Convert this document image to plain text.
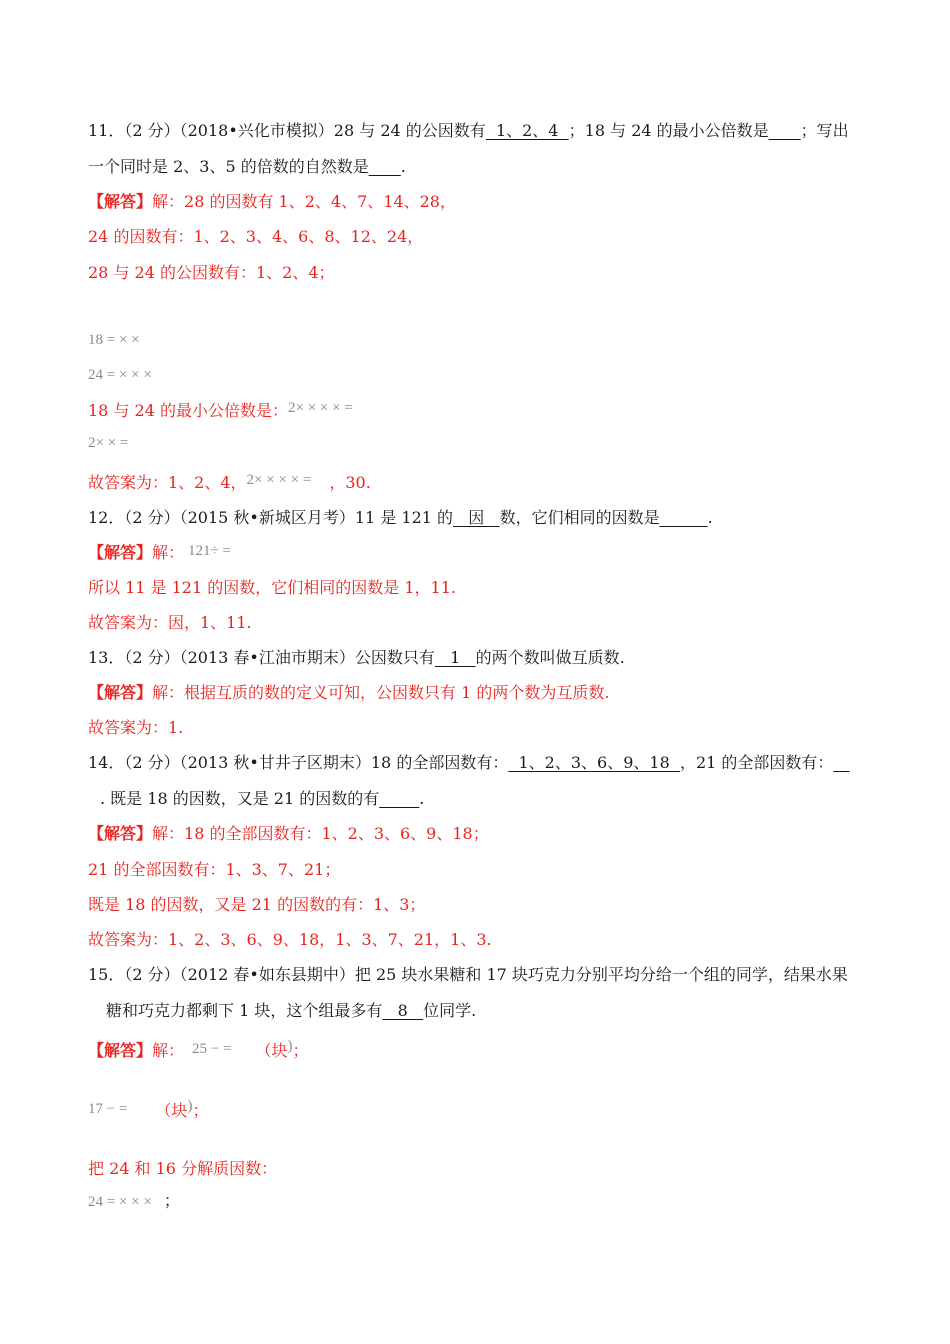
11．（2 分）（2018•兴化市模拟）28 与 24 的公因数有  1、2、4  ；18 与 24 的最小公倍数是____；写出
一个同时是 2、3、5 的倍数的自然数是____.
【解答】解：28 的因数有 1、2、4、7、14、28，
24 的因数有：1、2、3、4、6、8、12、24，
28 与 24 的公因数有：1、2、4；
18 = × ×
24 = × × ×
18 与 24 的最小公倍数是：2× × × × =
2× × =
故答案为：1、2、4，2× × × × = ，30.
12．（2 分）（2015 秋•新城区月考）11 是 121 的   因   数，它们相同的因数是______.
【解答】解： 121÷ =
所以 11 是 121 的因数，它们相同的因数是 1，11.
故答案为：因，1、11.
13．（2 分）（2013 春•江油市期末）公因数只有   1   的两个数叫做互质数.
【解答】解：根据互质的数的定义可知，公因数只有 1 的两个数为互质数.
故答案为：1.
14．（2 分）（2013 秋•甘井子区期末）18 的全部因数有：  1、2、3、6、9、18  ，21 的全部因数有：__
. 既是 18 的因数，又是 21 的因数的有_____.
【解答】解：18 的全部因数有：1、2、3、6、9、18；
21 的全部因数有：1、3、7、21；
既是 18 的因数，又是 21 的因数的有：1、3；
故答案为：1、2、3、6、9、18，1、3、7、21，1、3.
15．（2 分）（2012 春•如东县期中）把 25 块水果糖和 17 块巧克力分别平均分给一个组的同学，结果水果
糖和巧克力都剩下 1 块，这个组最多有   8   位同学.
【解答】解： 25 − = （块)；
17 − = （块)；
把 24 和 16 分解质因数：
24 = × × × ；
